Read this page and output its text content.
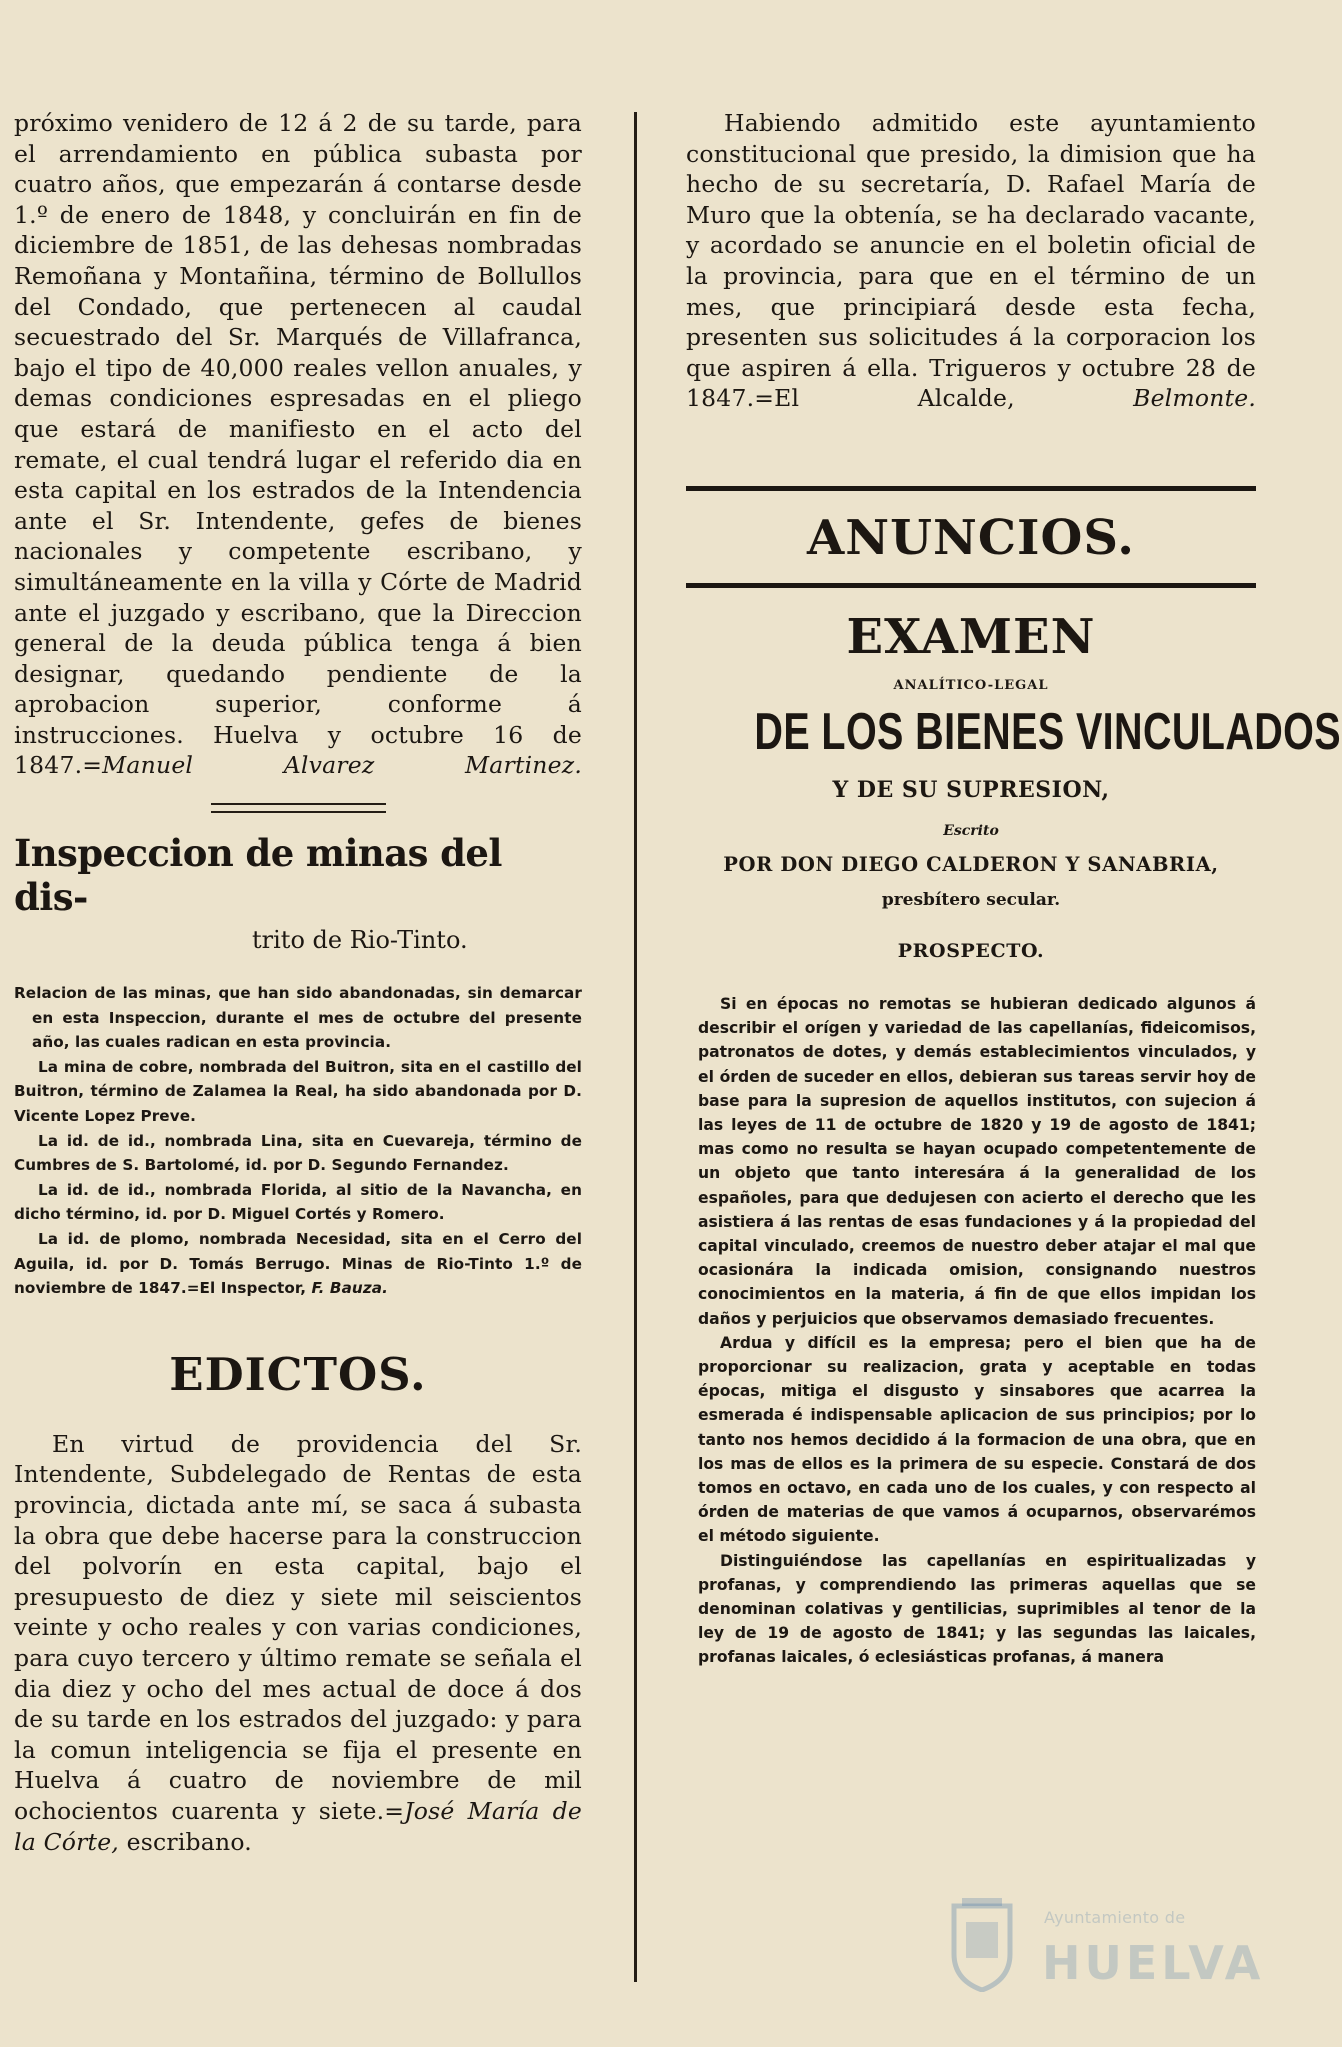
próximo venidero de 12 á 2 de su tarde, para el arrendamiento en pública subasta por cuatro años, que empezarán á contarse desde 1.º de enero de 1848, y concluirán en fin de diciembre de 1851, de las dehesas nombradas Remoñana y Montañina, término de Bollullos del Condado, que pertenecen al caudal secuestrado del Sr. Marqués de Villafranca, bajo el tipo de 40,000 reales vellon anuales, y demas condiciones espresadas en el pliego que estará de manifiesto en el acto del remate, el cual tendrá lugar el referido dia en esta capital en los estrados de la Intendencia ante el Sr. Intendente, gefes de bienes nacionales y competente escribano, y simultáneamente en la villa y Córte de Madrid ante el juzgado y escribano, que la Direccion general de la deuda pública tenga á bien designar, quedando pendiente de la aprobacion superior, conforme á instrucciones. Huelva y octubre 16 de 1847.=Manuel Alvarez Martinez.

Inspeccion de minas del dis-
trito de Rio-Tinto.

Relacion de las minas, que han sido abandonadas, sin demarcar en esta Inspeccion, durante el mes de octubre del presente año, las cuales radican en esta provincia.

La mina de cobre, nombrada del Buitron, sita en el castillo del Buitron, término de Zalamea la Real, ha sido abandonada por D. Vicente Lopez Preve.

La id. de id., nombrada Lina, sita en Cuevareja, término de Cumbres de S. Bartolomé, id. por D. Segundo Fernandez.

La id. de id., nombrada Florida, al sitio de la Navancha, en dicho término, id. por D. Miguel Cortés y Romero.

La id. de plomo, nombrada Necesidad, sita en el Cerro del Aguila, id. por D. Tomás Berrugo. Minas de Rio-Tinto 1.º de noviembre de 1847.=El Inspector, F. Bauza.

EDICTOS.

En virtud de providencia del Sr. Intendente, Subdelegado de Rentas de esta provincia, dictada ante mí, se saca á subasta la obra que debe hacerse para la construccion del polvorín en esta capital, bajo el presupuesto de diez y siete mil seiscientos veinte y ocho reales y con varias condiciones, para cuyo tercero y último remate se señala el dia diez y ocho del mes actual de doce á dos de su tarde en los estrados del juzgado: y para la comun inteligencia se fija el presente en Huelva á cuatro de noviembre de mil ochocientos cuarenta y siete.=José María de la Córte, escribano.

Habiendo admitido este ayuntamiento constitucional que presido, la dimision que ha hecho de su secretaría, D. Rafael María de Muro que la obtenía, se ha declarado vacante, y acordado se anuncie en el boletin oficial de la provincia, para que en el término de un mes, que principiará desde esta fecha, presenten sus solicitudes á la corporacion los que aspiren á ella. Trigueros y octubre 28 de 1847.=El Alcalde,	Belmonte.

ANUNCIOS.
EXAMEN
ANALÍTICO-LEGAL
DE LOS BIENES VINCULADOS
Y DE SU SUPRESION,
Escrito
POR DON DIEGO CALDERON Y SANABRIA,
presbítero secular.
PROSPECTO.

Si en épocas no remotas se hubieran dedicado algunos á describir el orígen y variedad de las capellanías, fideicomisos, patronatos de dotes, y demás establecimientos vinculados, y el órden de suceder en ellos, debieran sus tareas servir hoy de base para la supresion de aquellos institutos, con sujecion á las leyes de 11 de octubre de 1820 y 19 de agosto de 1841; mas como no resulta se hayan ocupado competentemente de un objeto que tanto interesára á la generalidad de los españoles, para que dedujesen con acierto el derecho que les asistiera á las rentas de esas fundaciones y á la propiedad del capital vinculado, creemos de nuestro deber atajar el mal que ocasionára la indicada omision, consignando nuestros conocimientos en la materia, á fin de que ellos impidan los daños y perjuicios que observamos demasiado frecuentes.

Ardua y difícil es la empresa; pero el bien que ha de proporcionar su realizacion, grata y aceptable en todas épocas, mitiga el disgusto y sinsabores que acarrea la esmerada é indispensable aplicacion de sus principios; por lo tanto nos hemos decidido á la formacion de una obra, que en los mas de ellos es la primera de su especie. Constará de dos tomos en octavo, en cada uno de los cuales, y con respecto al órden de materias de que vamos á ocuparnos, observarémos el método siguiente.

Distinguiéndose las capellanías en espiritualizadas y profanas, y comprendiendo las primeras aquellas que se denominan colativas y gentilicias, suprimibles al tenor de la ley de 19 de agosto de 1841; y las segundas las laicales, profanas laicales, ó eclesiásticas profanas, á manera

Ayuntamiento de
HUELVA
